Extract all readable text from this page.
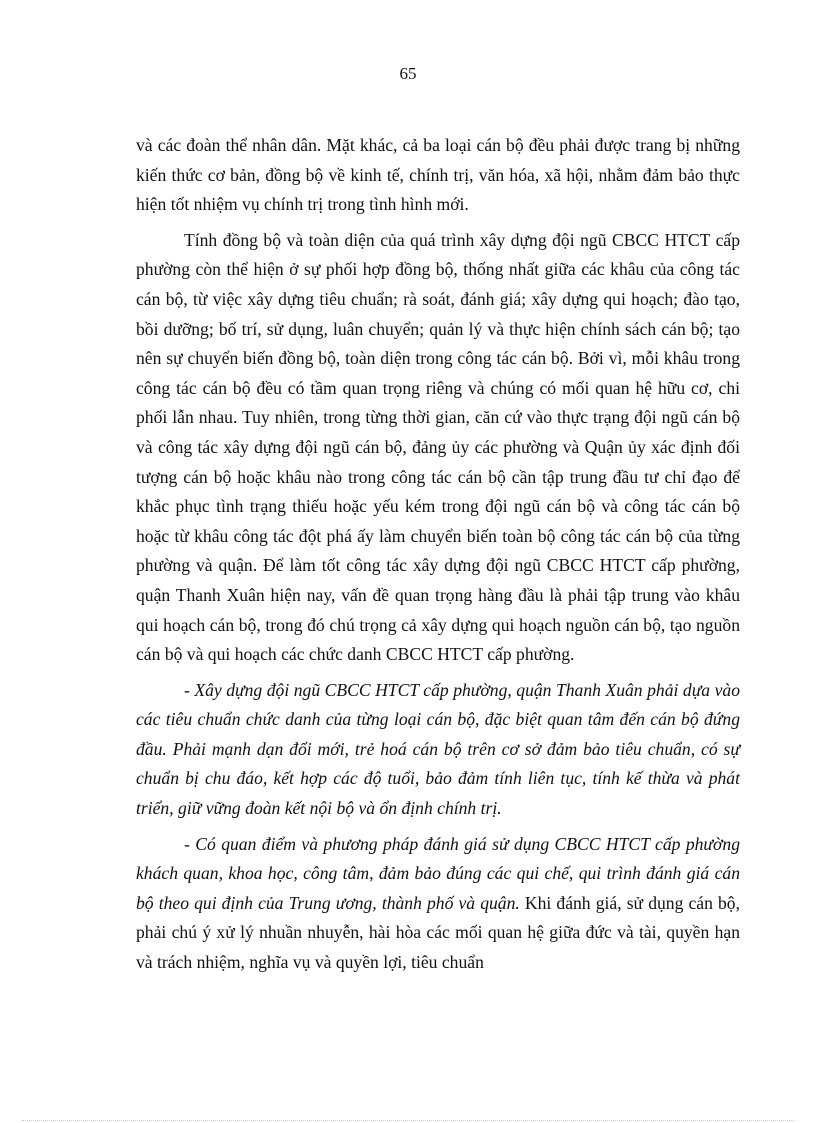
65

và các đoàn thể nhân dân. Mặt khác, cả ba loại cán bộ đều phải được trang bị những kiến thức cơ bản, đồng bộ về kinh tế, chính trị, văn hóa, xã hội, nhằm đảm bảo thực hiện tốt nhiệm vụ chính trị trong tình hình mới.

Tính đồng bộ và toàn diện của quá trình xây dựng đội ngũ CBCC HTCT cấp phường còn thể hiện ở sự phối hợp đồng bộ, thống nhất giữa các khâu của công tác cán bộ, từ việc xây dựng tiêu chuẩn; rà soát, đánh giá; xây dựng qui hoạch; đào tạo, bồi dưỡng; bố trí, sử dụng, luân chuyển; quản lý và thực hiện chính sách cán bộ; tạo nên sự chuyển biến đồng bộ, toàn diện trong công tác cán bộ. Bởi vì, mỗi khâu trong công tác cán bộ đều có tầm quan trọng riêng và chúng có mối quan hệ hữu cơ, chi phối lẫn nhau. Tuy nhiên, trong từng thời gian, căn cứ vào thực trạng đội ngũ cán bộ và công tác xây dựng đội ngũ cán bộ, đảng ủy các phường và Quận ủy xác định đối tượng cán bộ hoặc khâu nào trong công tác cán bộ cần tập trung đầu tư chỉ đạo để khắc phục tình trạng thiếu hoặc yếu kém trong đội ngũ cán bộ và công tác cán bộ hoặc từ khâu công tác đột phá ấy làm chuyển biến toàn bộ công tác cán bộ của từng phường và quận. Để làm tốt công tác xây dựng đội ngũ CBCC HTCT cấp phường, quận Thanh Xuân hiện nay, vấn đề quan trọng hàng đầu là phải tập trung vào khâu qui hoạch cán bộ, trong đó chú trọng cả xây dựng qui hoạch nguồn cán bộ, tạo nguồn cán bộ và qui hoạch các chức danh CBCC HTCT cấp phường.

- Xây dựng đội ngũ CBCC HTCT cấp phường, quận Thanh Xuân phải dựa vào các tiêu chuẩn chức danh của từng loại cán bộ, đặc biệt quan tâm đến cán bộ đứng đầu. Phải mạnh dạn đổi mới, trẻ hoá cán bộ trên cơ sở đảm bảo tiêu chuẩn, có sự chuẩn bị chu đáo, kết hợp các độ tuổi, bảo đảm tính liên tục, tính kế thừa và phát triển, giữ vững đoàn kết nội bộ và ổn định chính trị.

- Có quan điểm và phương pháp đánh giá sử dụng CBCC HTCT cấp phường khách quan, khoa học, công tâm, đảm bảo đúng các qui chế, qui trình đánh giá cán bộ theo qui định của Trung ương, thành phố và quận. Khi đánh giá, sử dụng cán bộ, phải chú ý xử lý nhuần nhuyễn, hài hòa các mối quan hệ giữa đức và tài, quyền hạn và trách nhiệm, nghĩa vụ và quyền lợi, tiêu chuẩn
